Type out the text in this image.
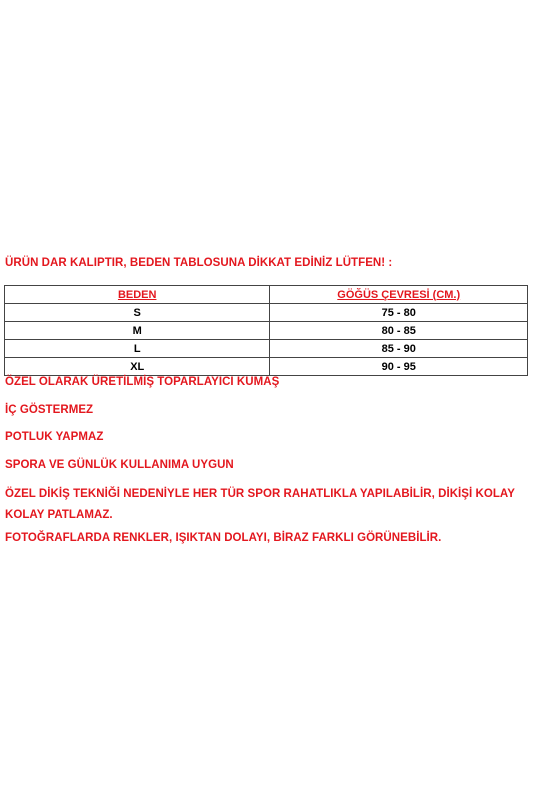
ÜRÜN DAR KALIPTIR, BEDEN TABLOSUNA DİKKAT EDİNİZ LÜTFEN! :
BEDEN	GÖĞÜS ÇEVRESİ (CM.)
S	75 - 80
M	80 - 85
L	85 - 90
XL	90 - 95
ÖZEL OLARAK ÜRETİLMİŞ TOPARLAYICI KUMAŞ
İÇ GÖSTERMEZ
POTLUK YAPMAZ
SPORA VE GÜNLÜK KULLANIMA UYGUN
ÖZEL DİKİŞ TEKNİĞİ NEDENİYLE HER TÜR SPOR RAHATLIKLA YAPILABİLİR, DİKİŞİ KOLAY KOLAY PATLAMAZ.
FOTOĞRAFLARDA RENKLER, IŞIKTAN DOLAYI, BİRAZ FARKLI GÖRÜNEBİLİR.
